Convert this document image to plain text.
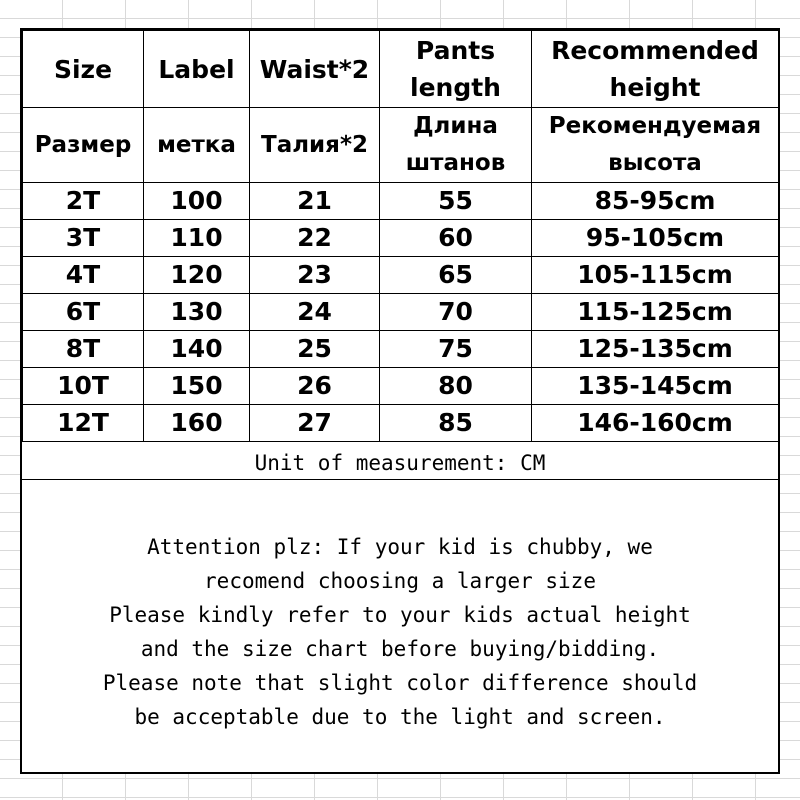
Size	Label	Waist*2	Pants length	Recommended height
Размер	метка	Талия*2	Длина штанов	Рекомендуемая высота
2T	100	21	55	85-95cm
3T	110	22	60	95-105cm
4T	120	23	65	105-115cm
6T	130	24	70	115-125cm
8T	140	25	75	125-135cm
10T	150	26	80	135-145cm
12T	160	27	85	146-160cm
Unit of measurement: CM
Attention plz: If your kid is chubby, we
recomend choosing a larger size
Please kindly refer to your kids actual height
and the size chart before buying/bidding.
Please note that slight color difference should
be acceptable due to the light and screen.
